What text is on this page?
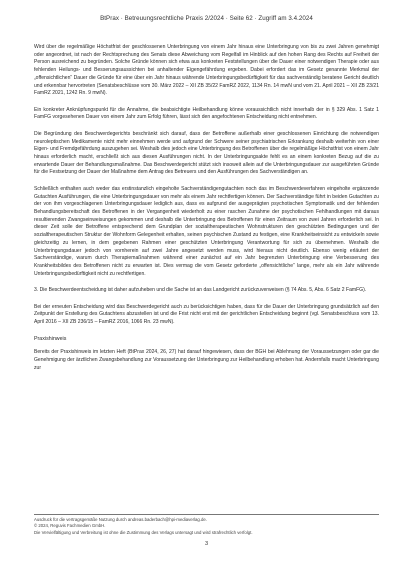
BtPrax · Betreuungsrechtliche Praxis 2/2024 · Seite 62 · Zugriff am 3.4.2024

Wird über die regelmäßige Höchstfrist der geschlossenen Unterbringung von einem Jahr hinaus eine Unterbringung von bis zu zwei Jahren genehmigt oder angeordnet, ist nach der Rechtsprechung des Senats diese Abweichung vom Regelfall im Hinblick auf den hohen Rang des Rechts auf Freiheit der Person ausreichend zu begründen. Solche Gründe können sich etwa aus konkreten Feststellungen über die Dauer einer notwendigen Therapie oder aus fehlenden Heilungs- und Besserungsaussichten bei anhaltender Eigengefährdung ergeben. Dabei erfordert das im Gesetz genannte Merkmal der „offensichtlichen“ Dauer die Gründe für eine über ein Jahr hinaus währende Unterbringungsbedürftigkeit für das sachverständig beratene Gericht deutlich und erkennbar hervortreten (Senatsbeschlüsse vom 30. März 2022 – XII ZB 35/22 FamRZ 2022, 1134 Rn. 14 mwN und vom 21. April 2021 – XII ZB 23/21 FamRZ 2021, 1242 Rn. 9 mwN).

Ein konkreter Anknüpfungspunkt für die Annahme, die beabsichtigte Heilbehandlung könne voraussichtlich nicht innerhalb der in § 329 Abs. 1 Satz 1 FamFG vorgesehenen Dauer von einem Jahr zum Erfolg führen, lässt sich den angefochtenen Entscheidung nicht entnehmen.

Die Begründung des Beschwerdegerichts beschränkt sich darauf, dass der Betroffene außerhalb einer geschlossenen Einrichtung die notwendigen neuroleptischen Medikamente nicht mehr einnehmen werde und aufgrund der Schwere seiner psychiatrischen Erkrankung deshalb weiterhin von einer Eigen- und Fremdgefährdung auszugehen sei. Weshalb dies jedoch eine Unterbringung des Betroffenen über die regelmäßige Höchstfrist von einem Jahr hinaus erforderlich macht, erschließt sich aus diesen Ausführungen nicht. In der Unterbringungsakte fehlt es an einem konkreten Bezug auf die zu erwartende Dauer der Behandlungsmaßnahme. Das Beschwerdegericht stützt sich insoweit allein auf die Unterbringungsdauer zur ausgeführten Gründe für die Festsetzung der Dauer der Maßnahme dem Antrag des Betreuers und den Ausführungen des Sachverständigen an.

Schließlich enthalten auch weder das erstinstanzlich eingeholte Sachverständigengutachten noch das im Beschwerdeverfahren eingeholte ergänzende Gutachten Ausführungen, die eine Unterbringungsdauer von mehr als einem Jahr rechtfertigen können. Der Sachverständige führt in beiden Gutachten zu der von ihm vorgeschlagenen Unterbringungsdauer lediglich aus, dass es aufgrund der ausgeprägten psychotischen Symptomatik und der fehlenden Behandlungsbereitschaft des Betroffenen in der Vergangenheit wiederholt zu einer raschen Zunahme der psychotischen Fehlhandlungen mit daraus resultierenden Zwangseinweisungen gekommen und deshalb die Unterbringung des Betroffenen für einen Zeitraum von zwei Jahren erforderlich sei. In dieser Zeit solle der Betroffene entsprechend dem Grundplan der sozialtherapeutischen Wohnstrukturen den geschützten Bedingungen und der sozialtherapeutischen Struktur der Wohnform Gelegenheit erhalten, seinen psychischen Zustand zu festigen, eine Krankheitseinsicht zu entwickeln sowie gleichzeitig zu lernen, in dem gegebenen Rahmen einer geschützten Unterbringung Verantwortung für sich zu übernehmen. Weshalb die Unterbringungsdauer jedoch von vornherein auf zwei Jahre angesetzt werden muss, wird hieraus nicht deutlich. Ebenso wenig erläutert der Sachverständige, warum durch Therapiemaßnahmen während einer zunächst auf ein Jahr begrenzten Unterbringung eine Verbesserung des Krankheitsbildes des Betroffenen nicht zu erwarten ist. Dies vermag die vom Gesetz geforderte „offensichtliche“ lange, mehr als ein Jahr währende Unterbringungsbedürftigkeit nicht zu rechtfertigen.

3. Die Beschwerdeentscheidung ist daher aufzuheben und die Sache ist an das Landgericht zurückzuverweisen (§ 74 Abs. 5, Abs. 6 Satz 2 FamFG).

Bei der erneuten Entscheidung wird das Beschwerdegericht auch zu berücksichtigen haben, dass für die Dauer der Unterbringung grundsätzlich auf den Zeitpunkt der Erstellung des Gutachtens abzustellen ist und die Frist nicht erst mit der gerichtlichen Entscheidung beginnt (vgl. Senatsbeschluss vom 13. April 2016 – XII ZB 236/15 – FamRZ 2016, 1066 Rn. 23 mwN).

Praxishinweis

Bereits der Praxishinweis im letzten Heft (BtPrax 2024, 26, 27) hat darauf hingewiesen, dass der BGH bei Ablehnung der Voraussetzungen oder gar die Genehmigung der ärztlichen Zwangsbehandlung zur Voraussetzung der Unterbringung zur Heilbehandlung erhoben hat. Andernfalls macht Unterbringung zur

Ausdruck für die vertragsgemäße Nutzung durch andreas.baderbach@hpi-mediaverlag.de.
© 2024, Reguvis Fachmedien GmbH.
Die Vervielfältigung und Verbreitung ist ohne die Zustimmung des Verlags untersagt und wird strafrechtlich verfolgt.
3
